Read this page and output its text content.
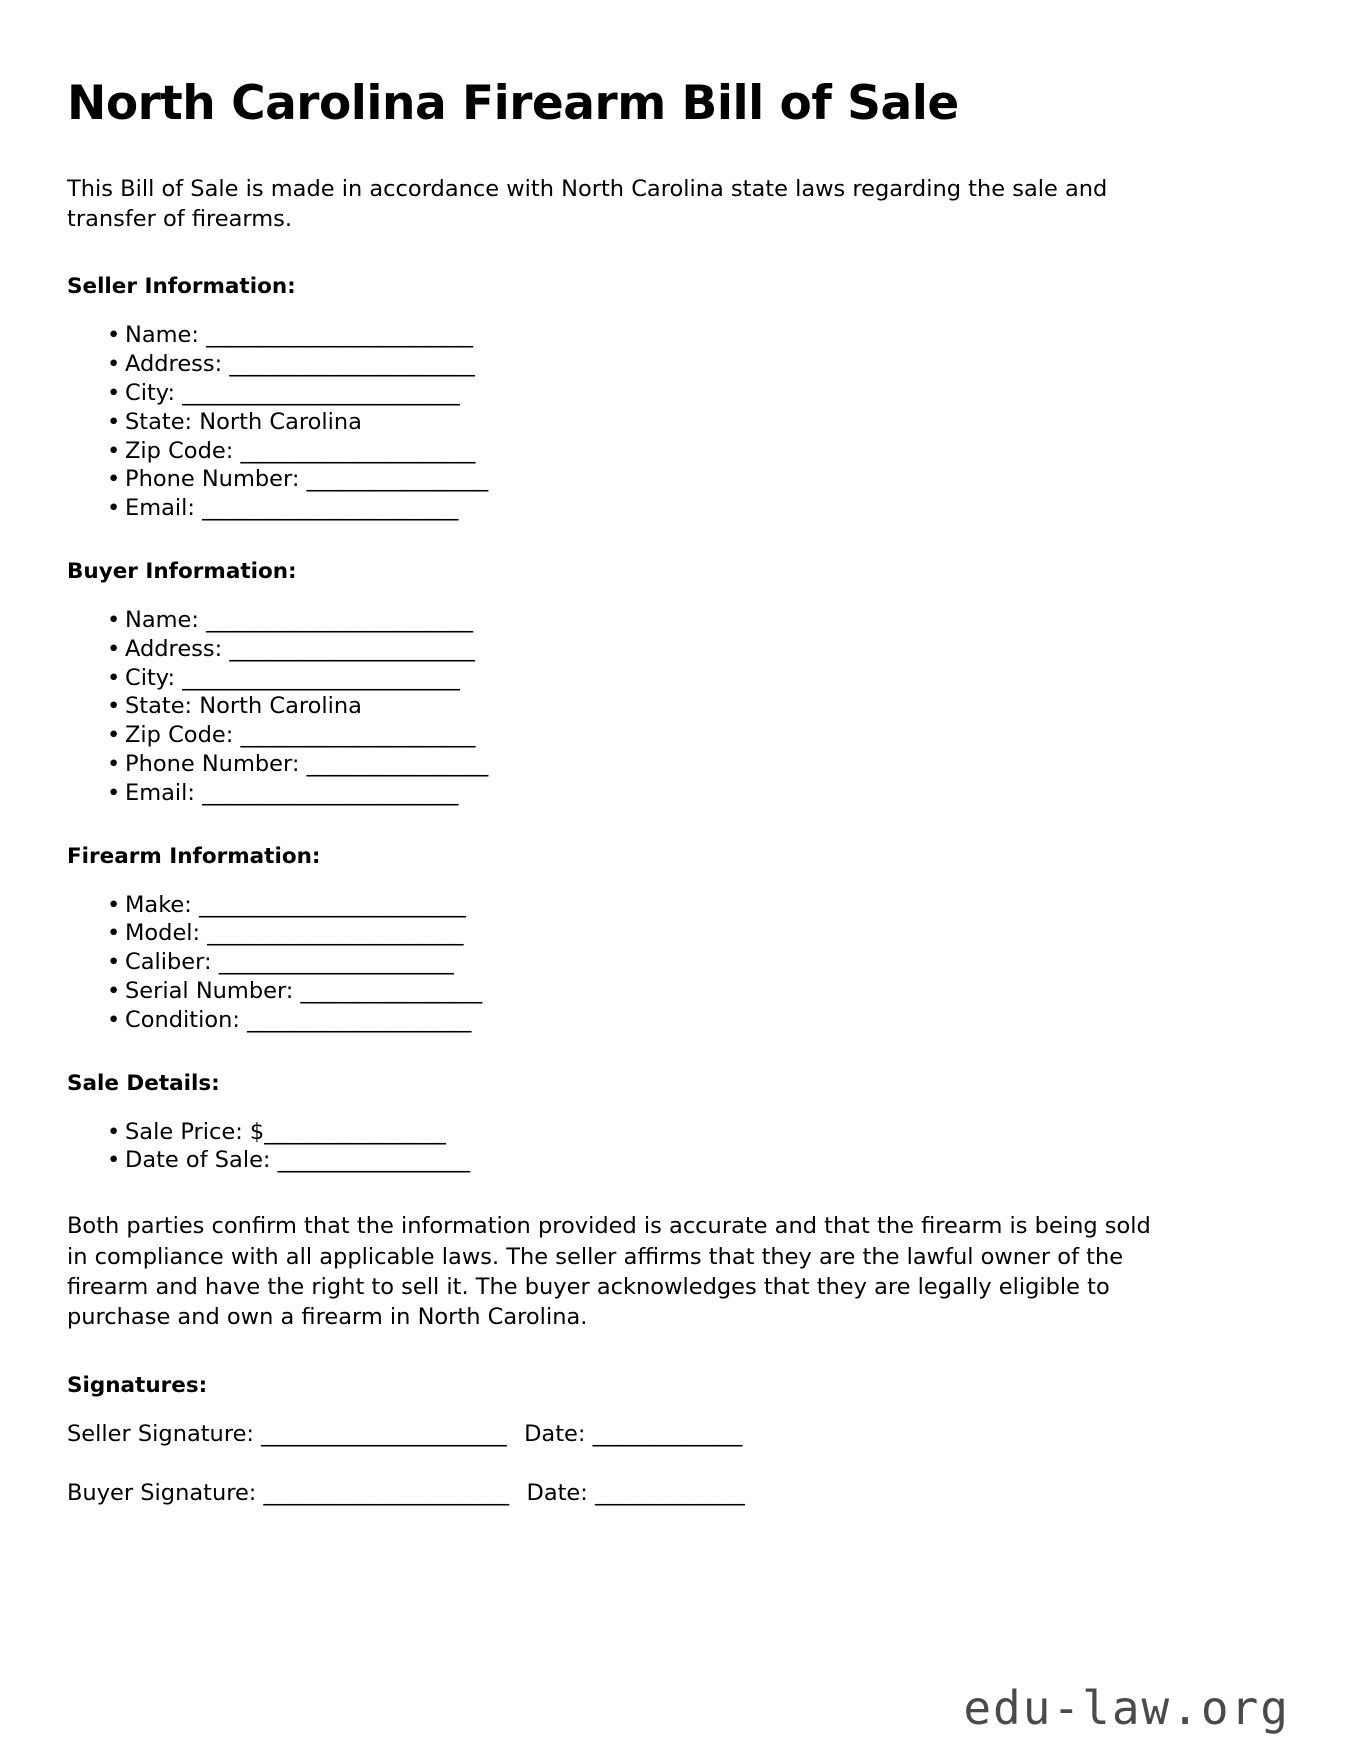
North Carolina Firearm Bill of Sale

This Bill of Sale is made in accordance with North Carolina state laws regarding the sale and transfer of firearms.

Seller Information:
• Name: _________________________
• Address: _______________________
• City: __________________________
• State: North Carolina
• Zip Code: ______________________
• Phone Number: _________________
• Email: ________________________
Buyer Information:
• Name: _________________________
• Address: _______________________
• City: __________________________
• State: North Carolina
• Zip Code: ______________________
• Phone Number: _________________
• Email: ________________________
Firearm Information:
• Make: _________________________
• Model: ________________________
• Caliber: ______________________
• Serial Number: _________________
• Condition: _____________________
Sale Details:
• Sale Price: $_________________
• Date of Sale: __________________

Both parties confirm that the information provided is accurate and that the firearm is being sold in compliance with all applicable laws. The seller affirms that they are the lawful owner of the firearm and have the right to sell it. The buyer acknowledges that they are legally eligible to purchase and own a firearm in North Carolina.

Signatures:
Seller Signature: _______________________ Date: ______________
Buyer Signature: _______________________ Date: ______________
edu-law.org
